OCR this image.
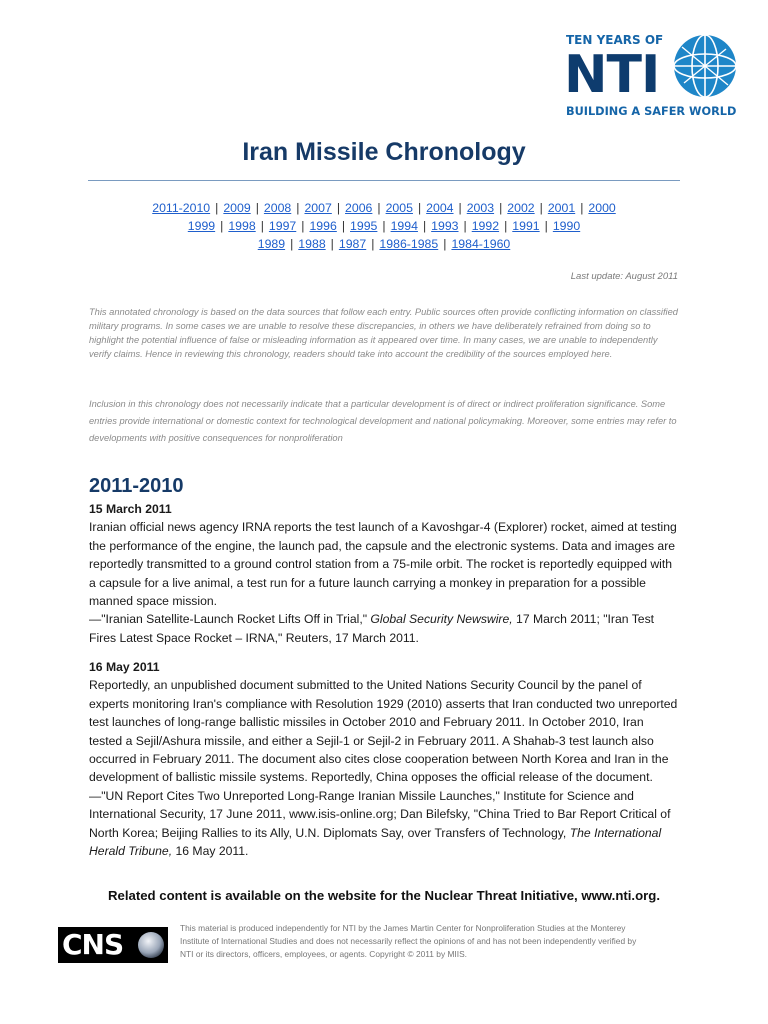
TEN YEARS OF
NTI
BUILDING A SAFER WORLD
Iran Missile Chronology
2011-2010 | 2009 | 2008 | 2007 | 2006 | 2005 | 2004 | 2003 | 2002 | 2001 | 2000
1999 | 1998 | 1997 | 1996 | 1995 | 1994 | 1993 | 1992 | 1991 | 1990
1989 | 1988 | 1987 | 1986-1985 | 1984-1960
Last update: August 2011

This annotated chronology is based on the data sources that follow each entry. Public sources often provide conflicting information on classified military programs. In some cases we are unable to resolve these discrepancies, in others we have deliberately refrained from doing so to highlight the potential influence of false or misleading information as it appeared over time. In many cases, we are unable to independently verify claims. Hence in reviewing this chronology, readers should take into account the credibility of the sources employed here.

Inclusion in this chronology does not necessarily indicate that a particular development is of direct or indirect proliferation significance. Some entries provide international or domestic context for technological development and national policymaking. Moreover, some entries may refer to developments with positive consequences for nonproliferation

2011-2010
15 March 2011

Iranian official news agency IRNA reports the test launch of a Kavoshgar-4 (Explorer) rocket, aimed at testing the performance of the engine, the launch pad, the capsule and the electronic systems. Data and images are reportedly transmitted to a ground control station from a 75-mile orbit. The rocket is reportedly equipped with a capsule for a live animal, a test run for a future launch carrying a monkey in preparation for a possible manned space mission.

—"Iranian Satellite-Launch Rocket Lifts Off in Trial," Global Security Newswire, 17 March 2011; "Iran Test Fires Latest Space Rocket – IRNA," Reuters, 17 March 2011.

16 May 2011

Reportedly, an unpublished document submitted to the United Nations Security Council by the panel of experts monitoring Iran's compliance with Resolution 1929 (2010) asserts that Iran conducted two unreported test launches of long-range ballistic missiles in October 2010 and February 2011. In October 2010, Iran tested a Sejil/Ashura missile, and either a Sejil-1 or Sejil-2 in February 2011. A Shahab-3 test launch also occurred in February 2011. The document also cites close cooperation between North Korea and Iran in the development of ballistic missile systems. Reportedly, China opposes the official release of the document.

—"UN Report Cites Two Unreported Long-Range Iranian Missile Launches," Institute for Science and International Security, 17 June 2011, www.isis-online.org; Dan Bilefsky, "China Tried to Bar Report Critical of North Korea; Beijing Rallies to its Ally, U.N. Diplomats Say, over Transfers of Technology, The International Herald Tribune, 16 May 2011.

Related content is available on the website for the Nuclear Threat Initiative, www.nti.org.
CNS	This material is produced independently for NTI by the James Martin Center for Nonproliferation Studies at the Monterey Institute of International Studies and does not necessarily reflect the opinions of and has not been independently verified by NTI or its directors, officers, employees, or agents. Copyright © 2011 by MIIS.
